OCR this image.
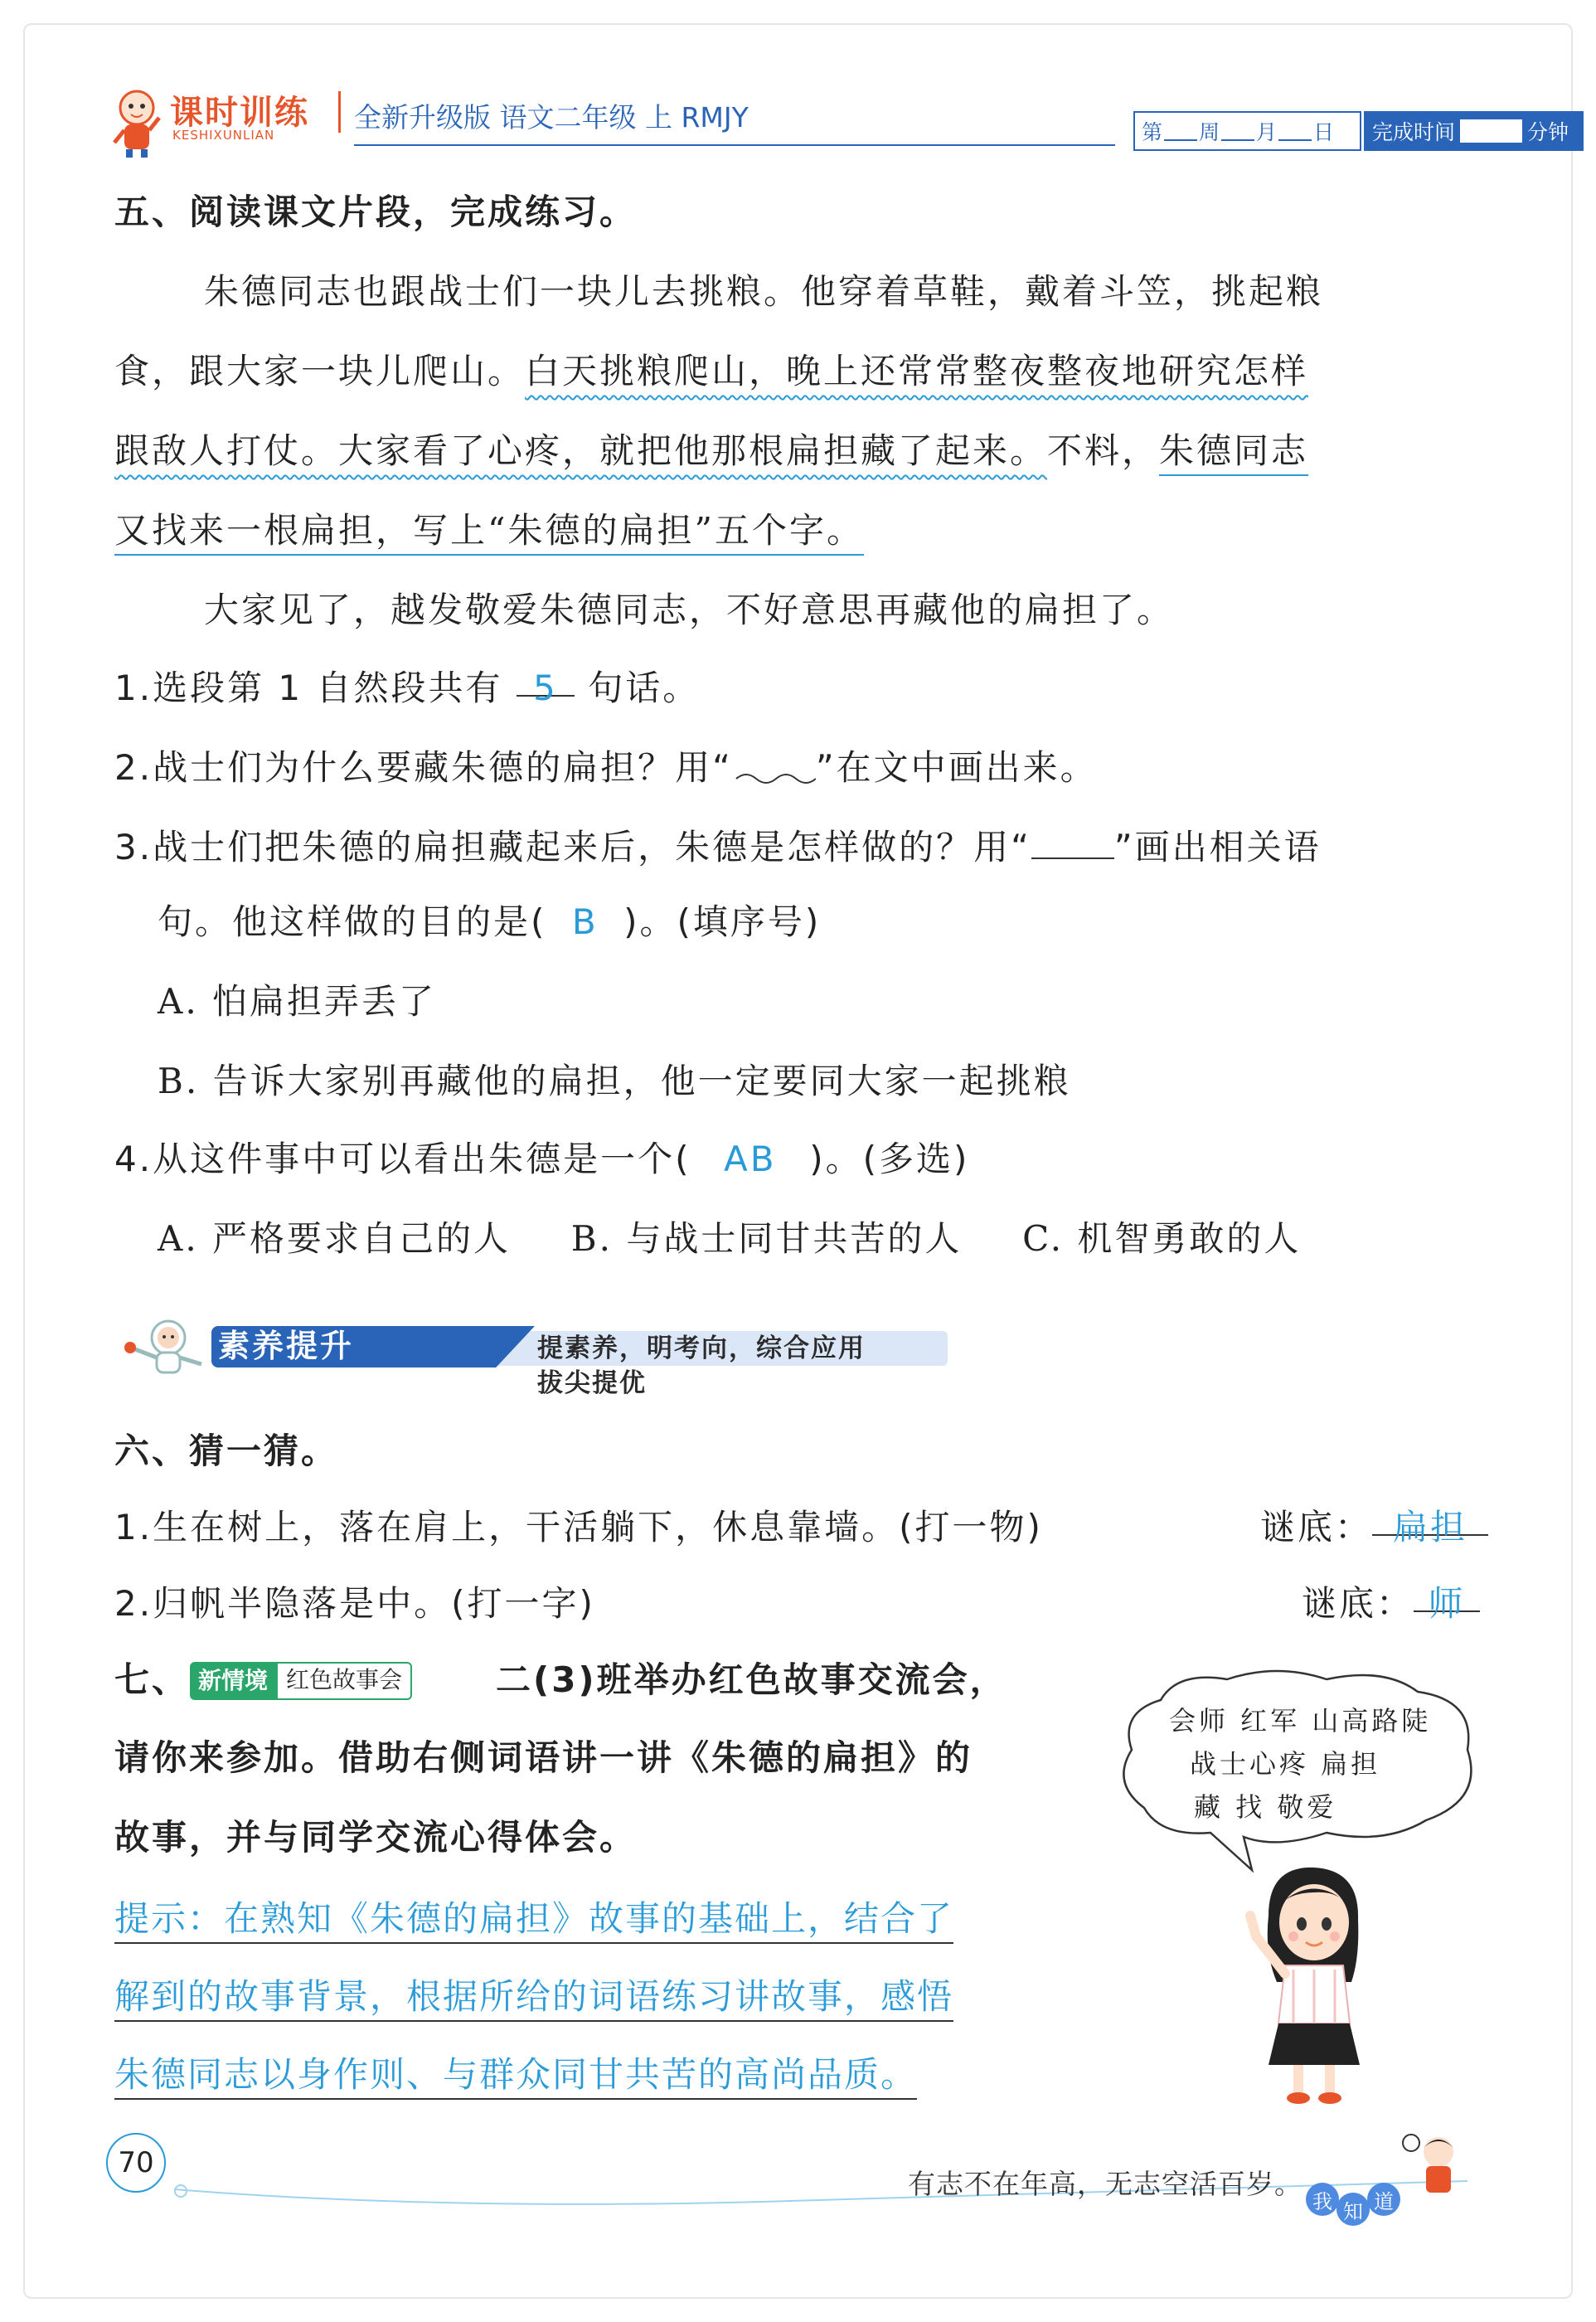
课时训练
KESHIXUNLIAN
全新升级版 语文二年级 上 RMJY	第 周 月 日 完成时间	分钟
五、阅读课文片段，完成练习。
朱德同志也跟战士们一块儿去挑粮。他穿着草鞋，戴着斗笠，挑起粮
食，跟大家一块儿爬山。白天挑粮爬山，晚上还常常整夜整夜地研究怎样
跟敌人打仗。大家看了心疼，就把他那根扁担藏了起来。不料，朱德同志
又找来一根扁担，写上“朱德的扁担”五个字。
大家见了，越发敬爱朱德同志，不好意思再藏他的扁担了。
1.选段第 1 自然段共有 5 句话。
2.战士们为什么要藏朱德的扁担？用“ ”在文中画出来。
3.战士们把朱德的扁担藏起来后，朱德是怎样做的？用“ ”画出相关语
句。他这样做的目的是( B )。(填序号)
A. 怕扁担弄丢了
B. 告诉大家别再藏他的扁担，他一定要同大家一起挑粮
4.从这件事中可以看出朱德是一个( AB )。(多选)
A. 严格要求自己的人 B. 与战士同甘共苦的人 C. 机智勇敢的人
素养提升	提素养，明考向，综合应用拔尖提优
六、猜一猜。
1.生在树上，落在肩上，干活躺下，休息靠墙。(打一物)	谜底： 扁担
2.归帆半隐落是中。(打一字)	谜底： 师
七、 新情境 红色故事会	二(3)班举办红色故事交流会，
请你来参加。借助右侧词语讲一讲《朱德的扁担》的
故事，并与同学交流心得体会。
提示：在熟知《朱德的扁担》故事的基础上，结合了
解到的故事背景，根据所给的词语练习讲故事，感悟
朱德同志以身作则、与群众同甘共苦的高尚品质。
会师 红军 山高路陡
战士心疼 扁担
藏 找 敬爱
70
有志不在年高，无志空活百岁。
我 知 道
